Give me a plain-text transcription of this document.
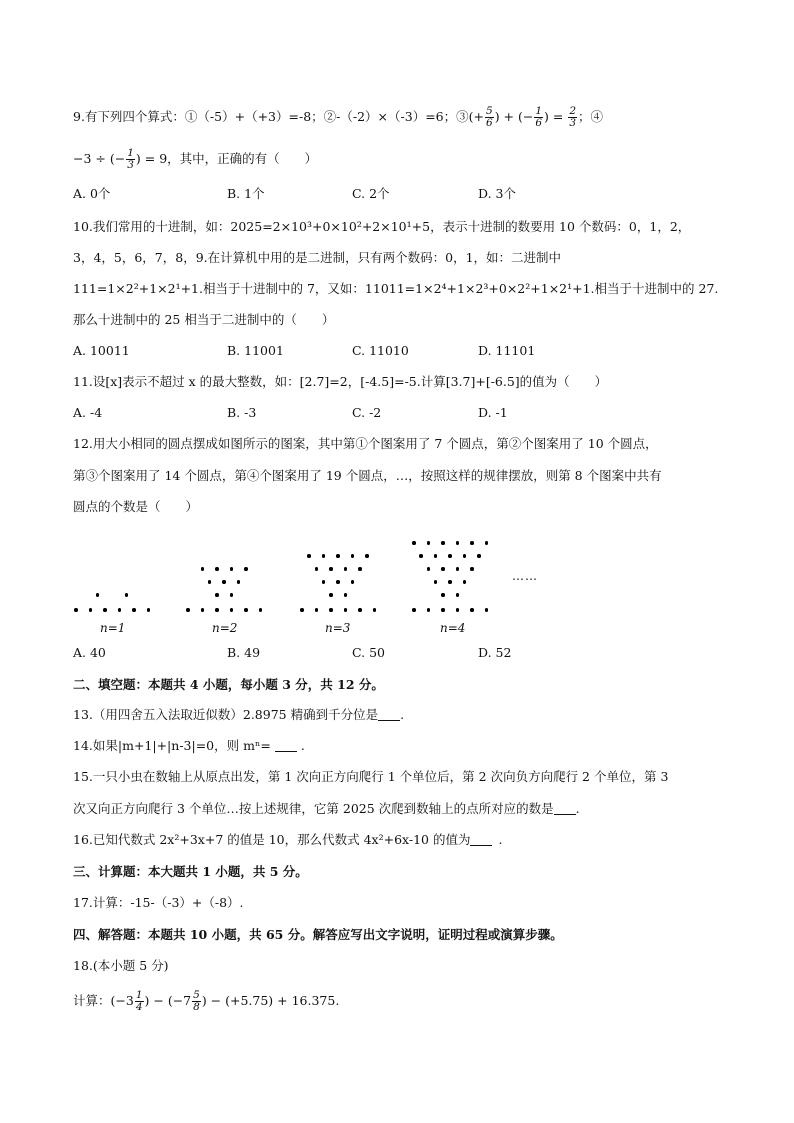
9.有下列四个算式：①（-5）+（+3）=-8；②-（-2）×（-3）=6；③(+ $\frac{5}{6}$ ) + (− $\frac{1}{6}$ ) = $\frac{2}{3}$ ；④
−3 ÷ (− $\frac{1}{3}$ ) = 9，其中，正确的有（　　）
A. 0个	B. 1个	C. 2个	D. 3个
10.我们常用的十进制，如：2025=2×10³+0×10²+2×10¹+5，表示十进制的数要用 10 个数码：0，1，2，
3，4，5，6，7，8，9.在计算机中用的是二进制，只有两个数码：0，1，如：二进制中
111=1×2²+1×2¹+1.相当于十进制中的 7，又如：11011=1×2⁴+1×2³+0×2²+1×2¹+1.相当于十进制中的 27.
那么十进制中的 25 相当于二进制中的（　　）
A. 10011	B. 11001	C. 11010	D. 11101
11.设[x]表示不超过 x 的最大整数，如：[2.7]=2，[-4.5]=-5.计算[3.7]+[-6.5]的值为（　　）
A. -4	B. -3	C. -2	D. -1
12.用大小相同的圆点摆成如图所示的图案，其中第①个图案用了 7 个圆点，第②个图案用了 10 个圆点，
第③个图案用了 14 个圆点，第④个图案用了 19 个圆点，…，按照这样的规律摆放，则第 8 个图案中共有
圆点的个数是（　　）
n=1	n=2	n=3	n=4
……
A. 40	B. 49	C. 50	D. 52
二、填空题：本题共 4 小题，每小题 3 分，共 12 分。
13.（用四舍五入法取近似数）2.8975 精确到千分位是 .
14.如果|m+1|+|n-3|=0，则 mⁿ= .
15.一只小虫在数轴上从原点出发，第 1 次向正方向爬行 1 个单位后，第 2 次向负方向爬行 2 个单位，第 3
次又向正方向爬行 3 个单位…按上述规律，它第 2025 次爬到数轴上的点所对应的数是 .
16.已知代数式 2x²+3x+7 的值是 10，那么代数式 4x²+6x-10 的值为 .
三、计算题：本大题共 1 小题，共 5 分。
17.计算：-15-（-3）+（-8）.
四、解答题：本题共 10 小题，共 65 分。解答应写出文字说明，证明过程或演算步骤。
18.(本小题 5 分)
计算：($-3 \frac{1}{4}$ ) − ($-7 \frac{5}{8}$ ) − (+5.75) + 16.375.
